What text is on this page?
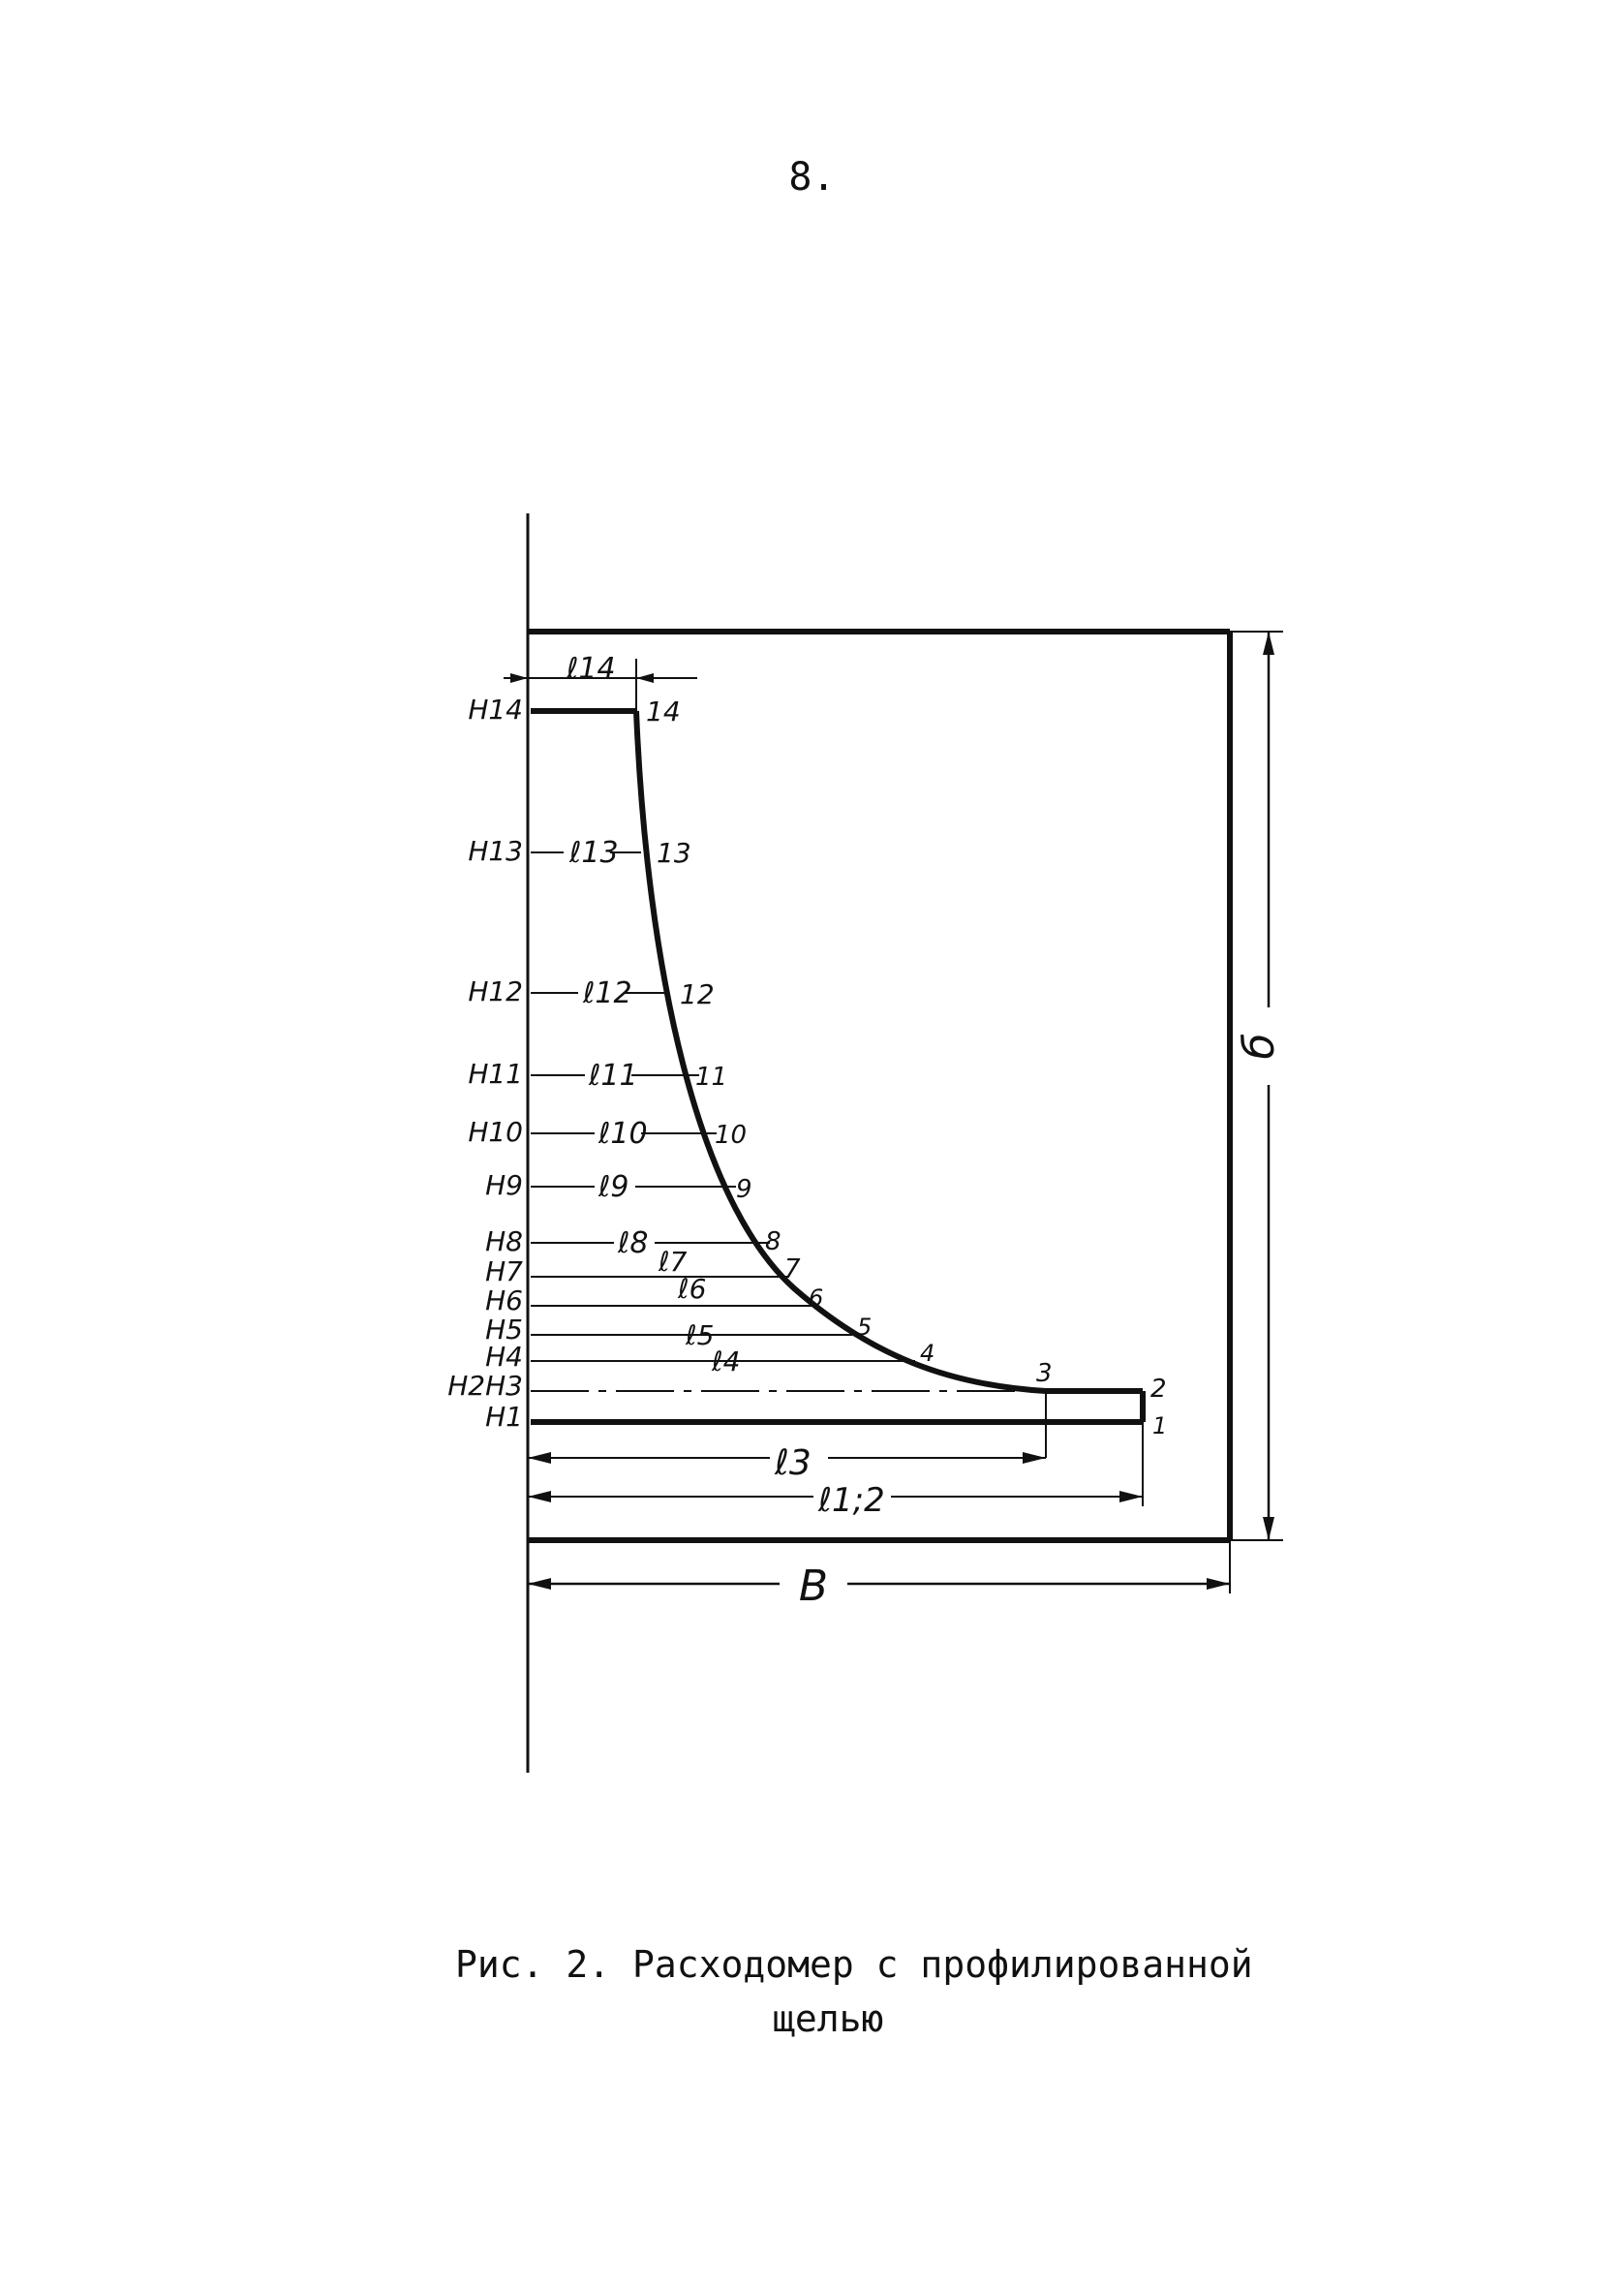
8.
б
В
ℓ14
H14
H13
H12
H11
H10
H9
H8
H7
H6
H5
H4
H2H3
H1
ℓ13
ℓ12
ℓ11
ℓ10
ℓ9
ℓ8
ℓ7
ℓ6
ℓ5
ℓ4
14
13
12
11
10
9
8
7
6
5
4
3
2
1
ℓ3
ℓ1;2
Рис. 2. Расходомер с профилированной
щелью
